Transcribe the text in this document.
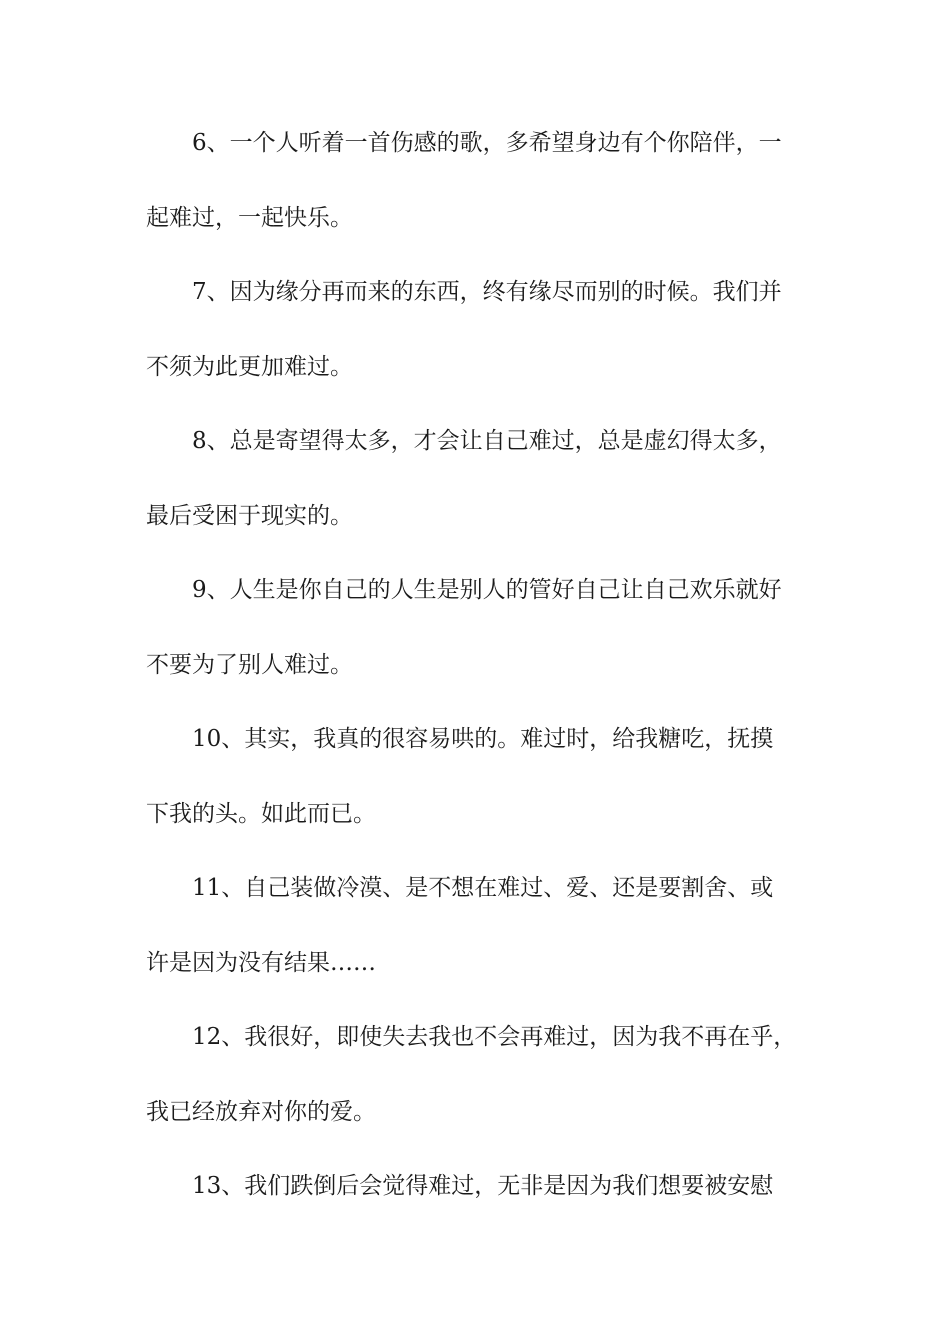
6、一个人听着一首伤感的歌，多希望身边有个你陪伴，一
起难过，一起快乐。
7、因为缘分再而来的东西，终有缘尽而别的时候。我们并
不须为此更加难过。
8、总是寄望得太多，才会让自己难过，总是虚幻得太多，
最后受困于现实的。
9、人生是你自己的人生是别人的管好自己让自己欢乐就好
不要为了别人难过。
10、其实，我真的很容易哄的。难过时，给我糖吃，抚摸
下我的头。如此而已。
11、自己装做冷漠、是不想在难过、爱、还是要割舍、或
许是因为没有结果……
12、我很好，即使失去我也不会再难过，因为我不再在乎，
我已经放弃对你的爱。
13、我们跌倒后会觉得难过，无非是因为我们想要被安慰
